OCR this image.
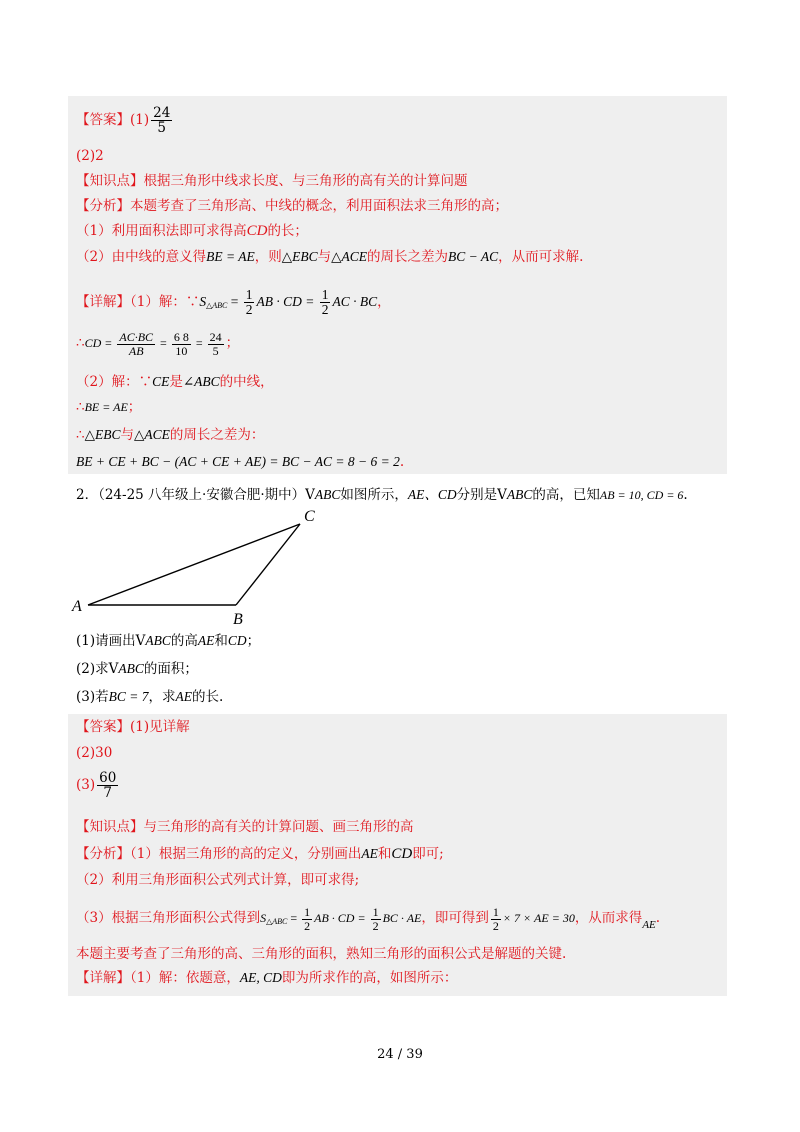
【答案】$(1) \frac{24}{5}$
(2)2
【知识点】根据三角形中线求长度、与三角形的高有关的计算问题
【分析】本题考查了三角形高、中线的概念，利用面积法求三角形的高；
（1）利用面积法即可求得高CD的长；
（2）由中线的意义得BE = AE，则△EBC与△ACE的周长之差为BC − AC，从而可求解.
【详解】（1）解：$\because S_{\triangle ABC} = \frac{1}{2}$ AB · CD = $\frac{1}{2}$ AC · BC，
∴CD = $\frac{AC\cdot BC}{AB} = \frac{6 8}{10} = \frac{24}{5}$ ；
（2）解：∵CE是∠ABC的中线，
∴BE = AE；
∴△EBC与△ACE的周长之差为：
BE + CE + BC − (AC + CE + AE) = BC − AC = 8 − 6 = 2.
2．（24-25 八年级上·安徽合肥·期中）VABC如图所示，AE、CD分别是VABC的高，已知AB = 10, CD = 6.
A
B
C
(1)请画出VABC的高AE和CD；
(2)求VABC的面积；
(3)若BC = 7，求AE的长.
【答案】(1)见详解
(2)30
$(3) \frac{60}{7}$
【知识点】与三角形的高有关的计算问题、画三角形的高
【分析】（1）根据三角形的高的定义，分别画出AE和CD即可;
（2）利用三角形面积公式列式计算，即可求得;
（3）根据三角形面积公式得到$S_{\triangle ABC} = \frac{1}{2}$ AB · CD = $\frac{1}{2}$ BC · AE，即可得到 $\frac{1}{2} \times 7$ × AE = 30，从而求得$_{AE}$.
本题主要考查了三角形的高、三角形的面积，熟知三角形的面积公式是解题的关键.
【详解】（1）解：依题意，AE, CD即为所求作的高，如图所示：
24 / 39
